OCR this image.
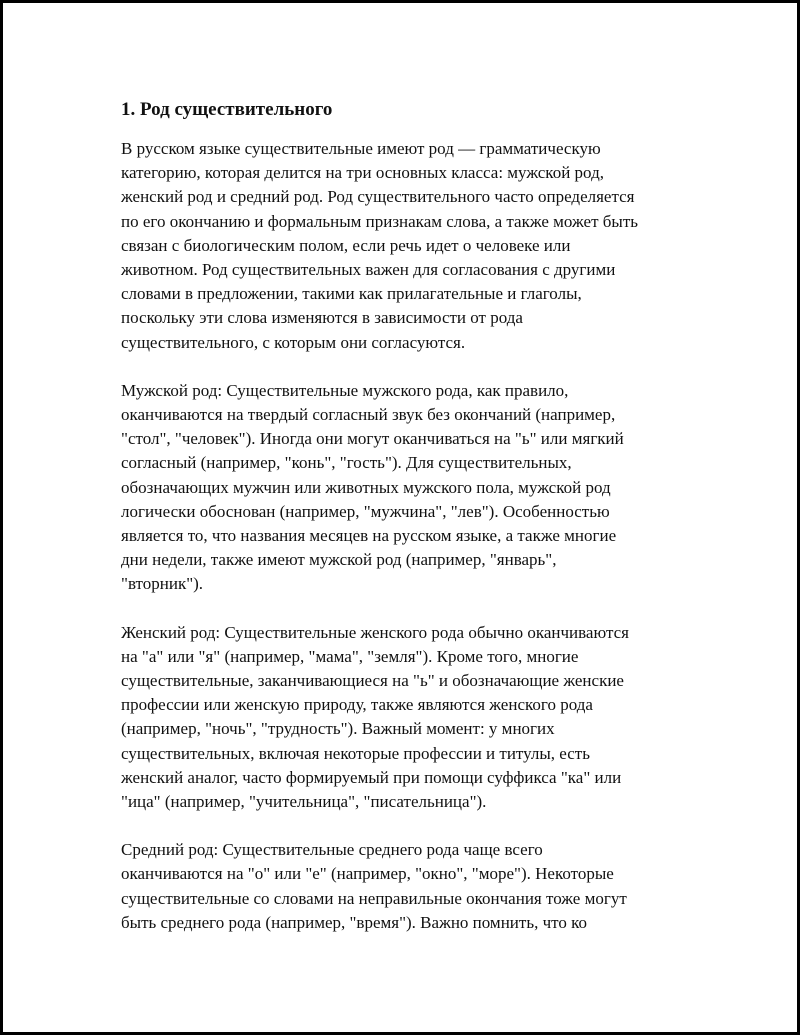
1. Род существительного

В русском языке существительные имеют род — грамматическую
категорию, которая делится на три основных класса: мужской род,
женский род и средний род. Род существительного часто определяется
по его окончанию и формальным признакам слова, а также может быть
связан с биологическим полом, если речь идет о человеке или
животном. Род существительных важен для согласования с другими
словами в предложении, такими как прилагательные и глаголы,
поскольку эти слова изменяются в зависимости от рода
существительного, с которым они согласуются.

Мужской род: Существительные мужского рода, как правило,
оканчиваются на твердый согласный звук без окончаний (например,
"стол", "человек"). Иногда они могут оканчиваться на "ь" или мягкий
согласный (например, "конь", "гость"). Для существительных,
обозначающих мужчин или животных мужского пола, мужской род
логически обоснован (например, "мужчина", "лев"). Особенностью
является то, что названия месяцев на русском языке, а также многие
дни недели, также имеют мужской род (например, "январь",
"вторник").

Женский род: Существительные женского рода обычно оканчиваются
на "а" или "я" (например, "мама", "земля"). Кроме того, многие
существительные, заканчивающиеся на "ь" и обозначающие женские
профессии или женскую природу, также являются женского рода
(например, "ночь", "трудность"). Важный момент: у многих
существительных, включая некоторые профессии и титулы, есть
женский аналог, часто формируемый при помощи суффикса "ка" или
"ица" (например, "учительница", "писательница").

Средний род: Существительные среднего рода чаще всего
оканчиваются на "о" или "е" (например, "окно", "море"). Некоторые
существительные со словами на неправильные окончания тоже могут
быть среднего рода (например, "время"). Важно помнить, что ко
